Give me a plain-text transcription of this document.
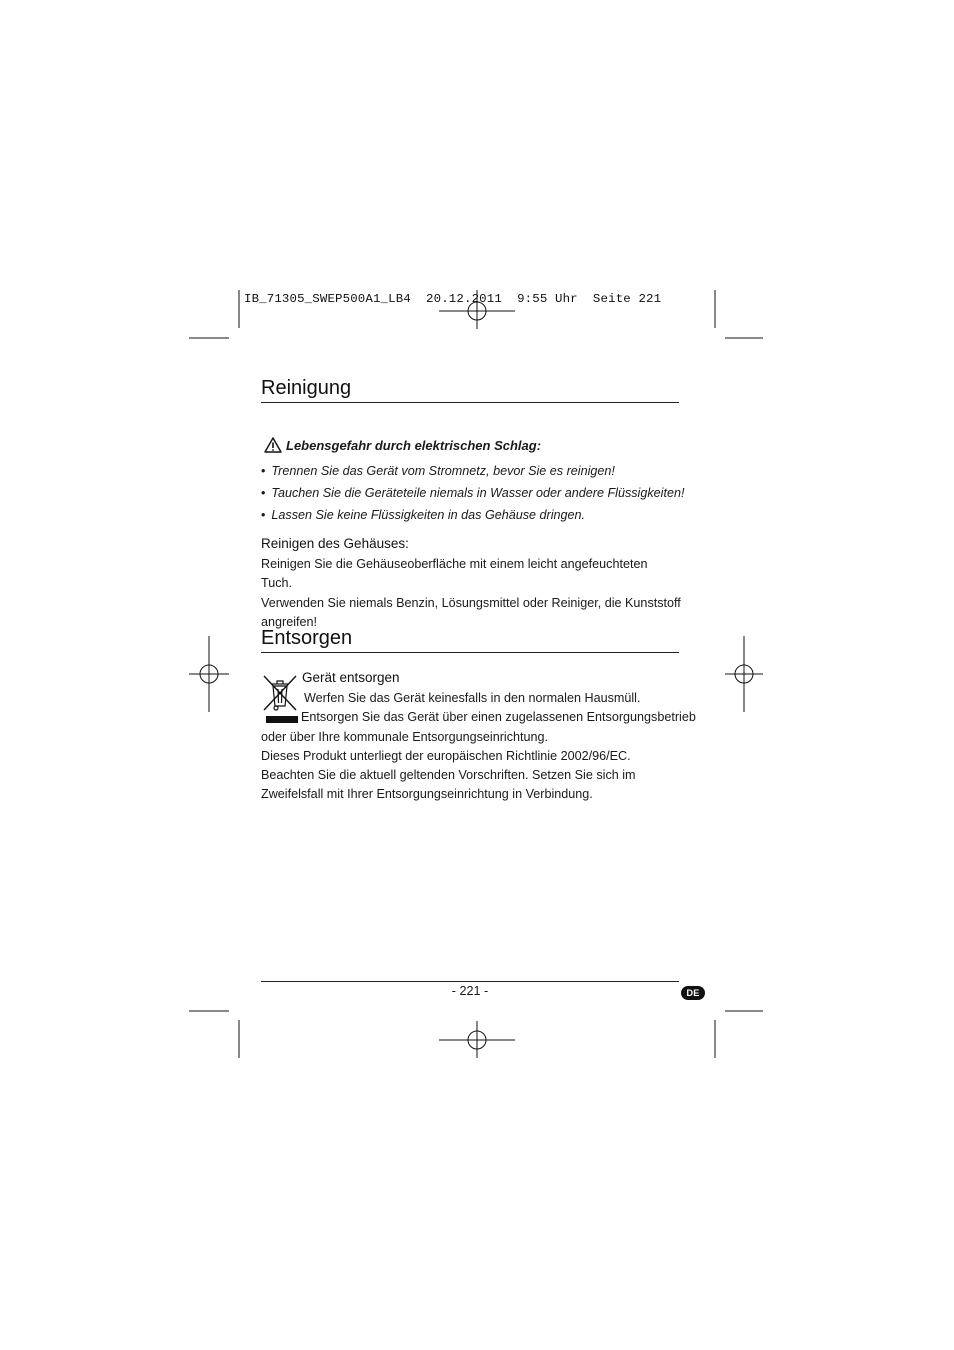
IB_71305_SWEP500A1_LB4  20.12.2011  9:55 Uhr  Seite 221
Reinigung
Lebensgefahr durch elektrischen Schlag:
• Trennen Sie das Gerät vom Stromnetz, bevor Sie es reinigen!
• Tauchen Sie die Geräteteile niemals in Wasser oder andere Flüssigkeiten!
• Lassen Sie keine Flüssigkeiten in das Gehäuse dringen.
Reinigen des Gehäuses:
Reinigen Sie die Gehäuseoberfläche mit einem leicht angefeuchteten Tuch.
Verwenden Sie niemals Benzin, Lösungsmittel oder Reiniger, die Kunststoff
angreifen!
Entsorgen
Gerät entsorgen
Werfen Sie das Gerät keinesfalls in den normalen Hausmüll.
Entsorgen Sie das Gerät über einen zugelassenen Entsorgungsbetrieb
oder über Ihre kommunale Entsorgungseinrichtung.
Dieses Produkt unterliegt der europäischen Richtlinie 2002/96/EC.
Beachten Sie die aktuell geltenden Vorschriften. Setzen Sie sich im
Zweifelsfall mit Ihrer Entsorgungseinrichtung in Verbindung.
- 221 -	DE
